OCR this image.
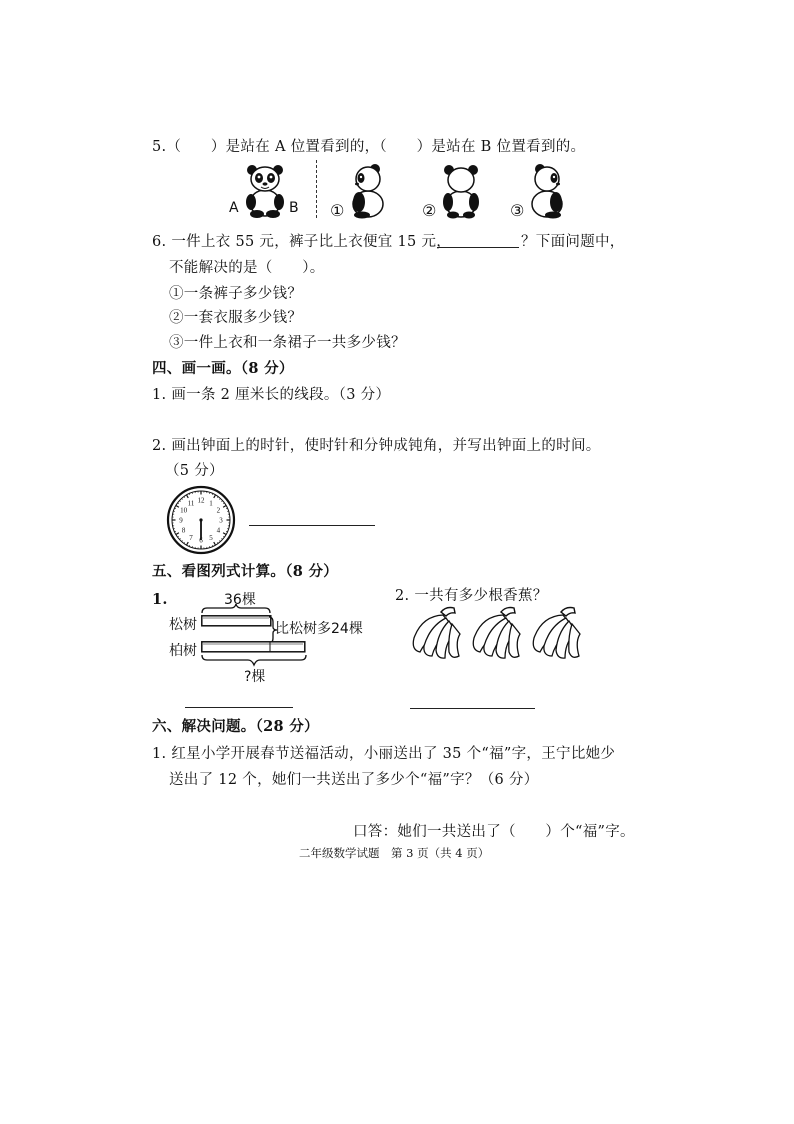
5.（　　）是站在 A 位置看到的，（　　）是站在 B 位置看到的。
A	B ①	②	③
6. 一件上衣 55 元，裤子比上衣便宜 15 元，	？下面问题中，
不能解决的是（　　）。
①一条裤子多少钱？
②一套衣服多少钱？
③一件上衣和一条裙子一共多少钱？
四、画一画。（8 分）
1. 画一条 2 厘米长的线段。（3 分）
2. 画出钟面上的时针，使时针和分钟成钝角，并写出钟面上的时间。
（5 分）
12 1
2
3
4
5
6
7
8
9
10
11
五、看图列式计算。（8 分）
1.	36棵
松树	比松树多24棵
柏树
?棵
2. 一共有多少根香蕉？
六、解决问题。（28 分）
1. 红星小学开展春节送福活动，小丽送出了 35 个“福”字，王宁比她少
送出了 12 个，她们一共送出了多少个“福”字？（6 分）
口答：她们一共送出了（　　）个“福”字。
二年级数学试题　第 3 页（共 4 页）
